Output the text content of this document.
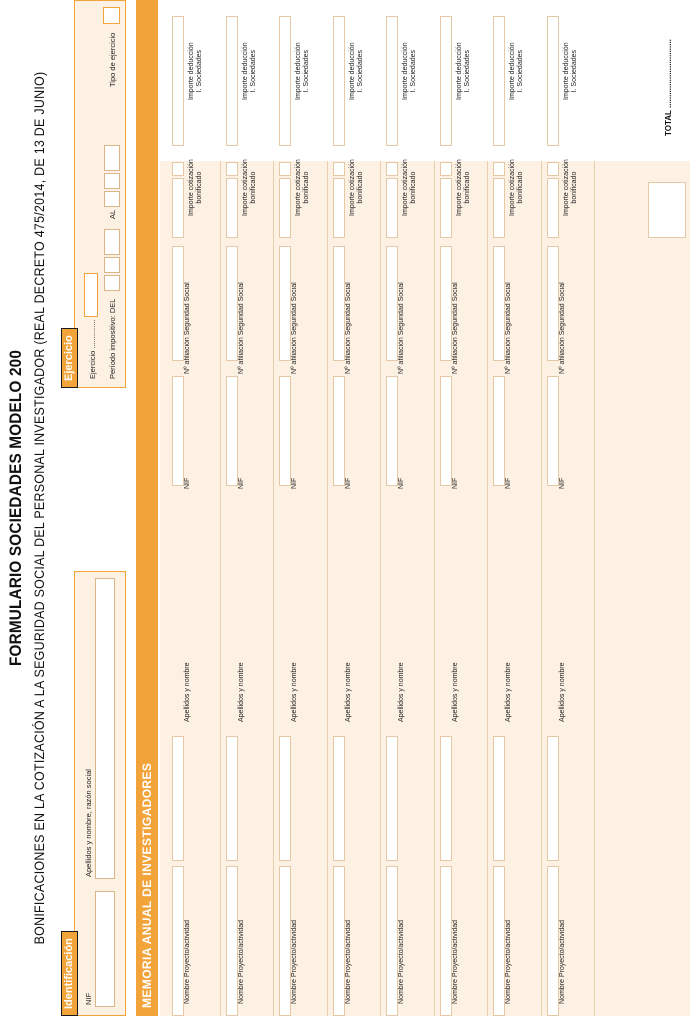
FORMULARIO SOCIEDADES MODELO 200 BONIFICACIONES EN LA COTIZACIÓN A LA SEGURIDAD SOCIAL DEL PERSONAL INVESTIGADOR (REAL DECRETO 475/2014, DE 13 DE JUNIO)
Identificación	NIF
Apellidos y nombre, razón social
Ejercicio	Ejercicio .............. Período impositivo: DEL
AL
Tipo de ejercicio
MEMORIA ANUAL DE INVESTIGADORES
TOTAL ...............................
Nombre Proyecto/actividad
Apellidos y nombre
NIF
Nº afiliación Seguridad Social
Importe cotización bonificado
Importe deducción I. Sociedades
Nombre Proyecto/actividad
Apellidos y nombre
NIF
Nº afiliación Seguridad Social
Importe cotización bonificado
Importe deducción I. Sociedades
Nombre Proyecto/actividad
Apellidos y nombre
NIF
Nº afiliación Seguridad Social
Importe cotización bonificado
Importe deducción I. Sociedades
Nombre Proyecto/actividad
Apellidos y nombre
NIF
Nº afiliación Seguridad Social
Importe cotización bonificado
Importe deducción I. Sociedades
Nombre Proyecto/actividad
Apellidos y nombre
NIF
Nº afiliación Seguridad Social
Importe cotización bonificado
Importe deducción I. Sociedades
Nombre Proyecto/actividad
Apellidos y nombre
NIF
Nº afiliación Seguridad Social
Importe cotización bonificado
Importe deducción I. Sociedades
Nombre Proyecto/actividad
Apellidos y nombre
NIF
Nº afiliación Seguridad Social
Importe cotización bonificado
Importe deducción I. Sociedades
Nombre Proyecto/actividad
Apellidos y nombre
NIF
Nº afiliación Seguridad Social
Importe cotización bonificado
Importe deducción I. Sociedades
